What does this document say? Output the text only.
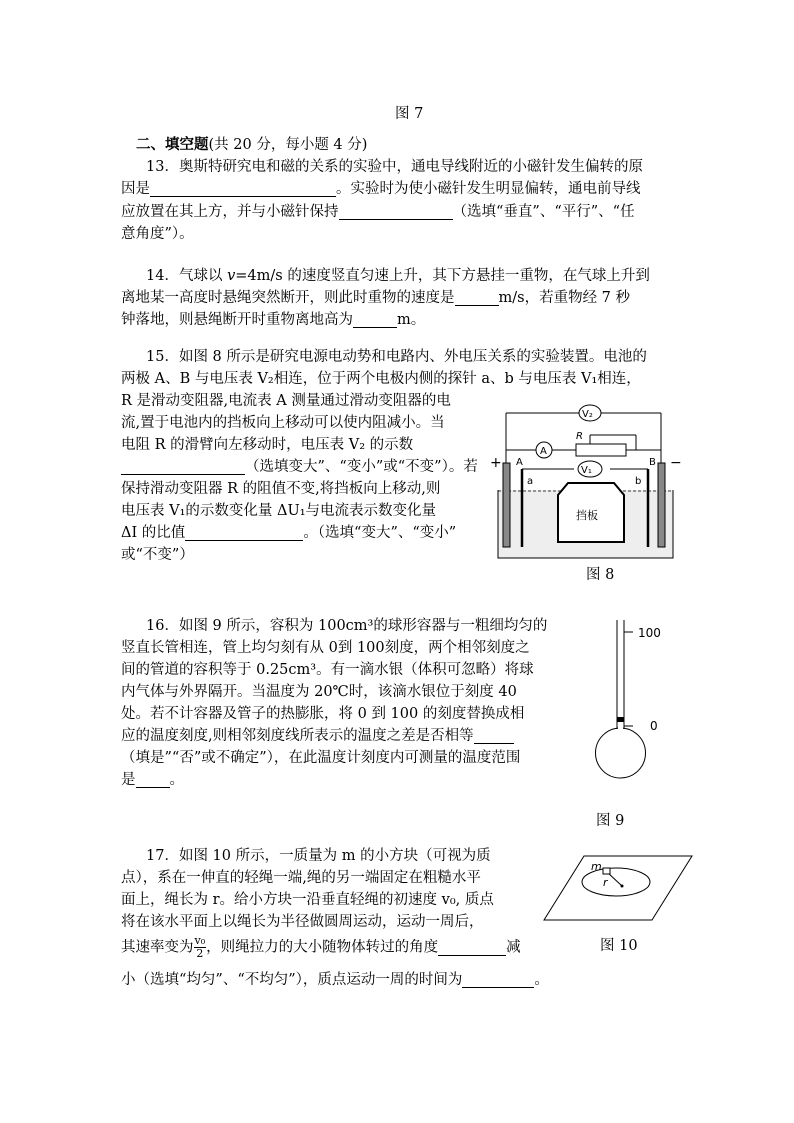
图 7
二、填空题(共 20 分，每小题 4 分)
13．奥斯特研究电和磁的关系的实验中，通电导线附近的小磁针发生偏转的原
因是	。实验时为使小磁针发生明显偏转，通电前导线
应放置在其上方，并与小磁针保持	（选填“垂直”、“平行”、“任
意角度”）。
14．气球以 v=4m/s 的速度竖直匀速上升，其下方悬挂一重物，在气球上升到
离地某一高度时悬绳突然断开，则此时重物的速度是	m/s，若重物经 7 秒
钟落地，则悬绳断开时重物离地高为	m。
15．如图 8 所示是研究电源电动势和电路内、外电压关系的实验装置。电池的
两极 A、B 与电压表 V₂相连，位于两个电极内侧的探针 a、b 与电压表 V₁相连，
R 是滑动变阻器,电流表 A 测量通过滑动变阻器的电
流,置于电池内的挡板向上移动可以使内阻减小。当
电阻 R 的滑臂向左移动时，电压表 V₂ 的示数
（选填变大”、“变小”或“不变”）。若
保持滑动变阻器 R 的阻值不变,将挡板向上移动,则
电压表 V₁的示数变化量 ΔU₁与电流表示数变化量
ΔI 的比值	。（选填“变大”、“变小”
或“不变”）
V₂
A
R
V₁
挡板
A	B
a	b
+	−
图 8
16．如图 9 所示，容积为 100cm³的球形容器与一粗细均匀的
竖直长管相连，管上均匀刻有从 0到 100刻度，两个相邻刻度之
间的管道的容积等于 0.25cm³。有一滴水银（体积可忽略）将球
内气体与外界隔开。当温度为 20℃时，该滴水银位于刻度 40
处。若不计容器及管子的热膨胀，将 0 到 100 的刻度替换成相
应的温度刻度,则相邻刻度线所表示的温度之差是否相等
（填是”“否”或不确定”），在此温度计刻度内可测量的温度范围
是 。
100
0
图 9
17．如图 10 所示，一质量为 m 的小方块（可视为质
点），系在一伸直的轻绳一端,绳的另一端固定在粗糙水平
面上，绳长为 r。给小方块一沿垂直轻绳的初速度 v₀, 质点
将在该水平面上以绳长为半径做圆周运动，运动一周后，
其速率变为 $\frac{\text{v₀}}{2}$ ，则绳拉力的大小随物体转过的角度	减
小（选填“均匀”、“不均匀”），质点运动一周的时间为	。
m
r
图 10
